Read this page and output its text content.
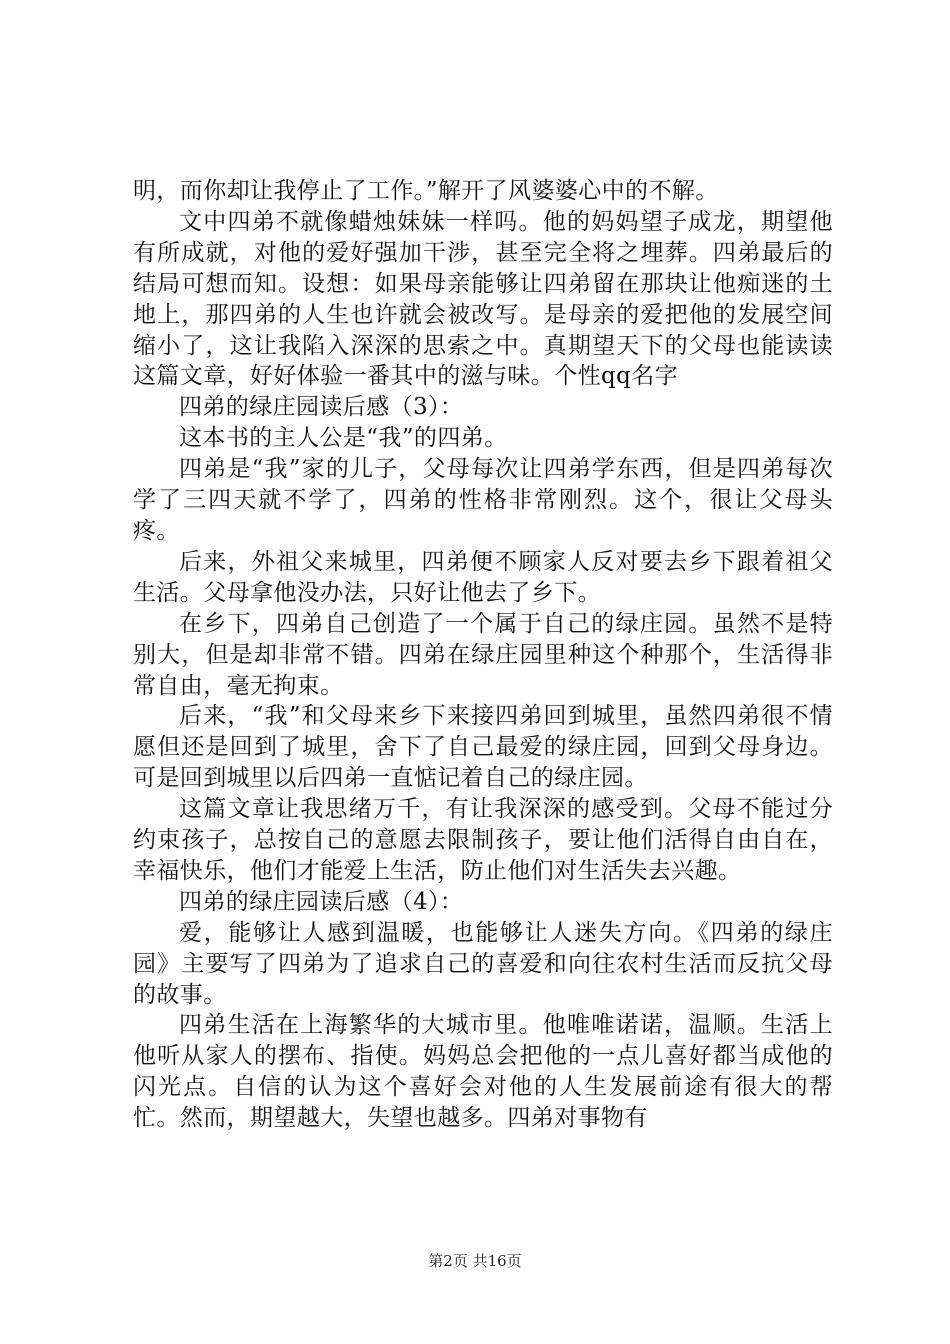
明，而你却让我停止了工作。”解开了风婆婆心中的不解。

文中四弟不就像蜡烛妹妹一样吗。他的妈妈望子成龙，期望他有所成就，对他的爱好强加干涉，甚至完全将之埋葬。四弟最后的结局可想而知。设想：如果母亲能够让四弟留在那块让他痴迷的土地上，那四弟的人生也许就会被改写。是母亲的爱把他的发展空间缩小了，这让我陷入深深的思索之中。真期望天下的父母也能读读这篇文章，好好体验一番其中的滋与味。个性qq名字

四弟的绿庄园读后感（3）：

这本书的主人公是“我”的四弟。

四弟是“我”家的儿子，父母每次让四弟学东西，但是四弟每次学了三四天就不学了，四弟的性格非常刚烈。这个，很让父母头疼。

后来，外祖父来城里，四弟便不顾家人反对要去乡下跟着祖父生活。父母拿他没办法，只好让他去了乡下。

在乡下，四弟自己创造了一个属于自己的绿庄园。虽然不是特别大，但是却非常不错。四弟在绿庄园里种这个种那个，生活得非常自由，毫无拘束。

后来，“我”和父母来乡下来接四弟回到城里，虽然四弟很不情愿但还是回到了城里，舍下了自己最爱的绿庄园，回到父母身边。可是回到城里以后四弟一直惦记着自己的绿庄园。

这篇文章让我思绪万千，有让我深深的感受到。父母不能过分约束孩子，总按自己的意愿去限制孩子，要让他们活得自由自在，幸福快乐，他们才能爱上生活，防止他们对生活失去兴趣。

四弟的绿庄园读后感（4）：

爱，能够让人感到温暖，也能够让人迷失方向。《四弟的绿庄园》主要写了四弟为了追求自己的喜爱和向往农村生活而反抗父母的故事。

四弟生活在上海繁华的大城市里。他唯唯诺诺，温顺。生活上他听从家人的摆布、指使。妈妈总会把他的一点儿喜好都当成他的闪光点。自信的认为这个喜好会对他的人生发展前途有很大的帮忙。然而，期望越大，失望也越多。四弟对事物有

第2页 共16页
